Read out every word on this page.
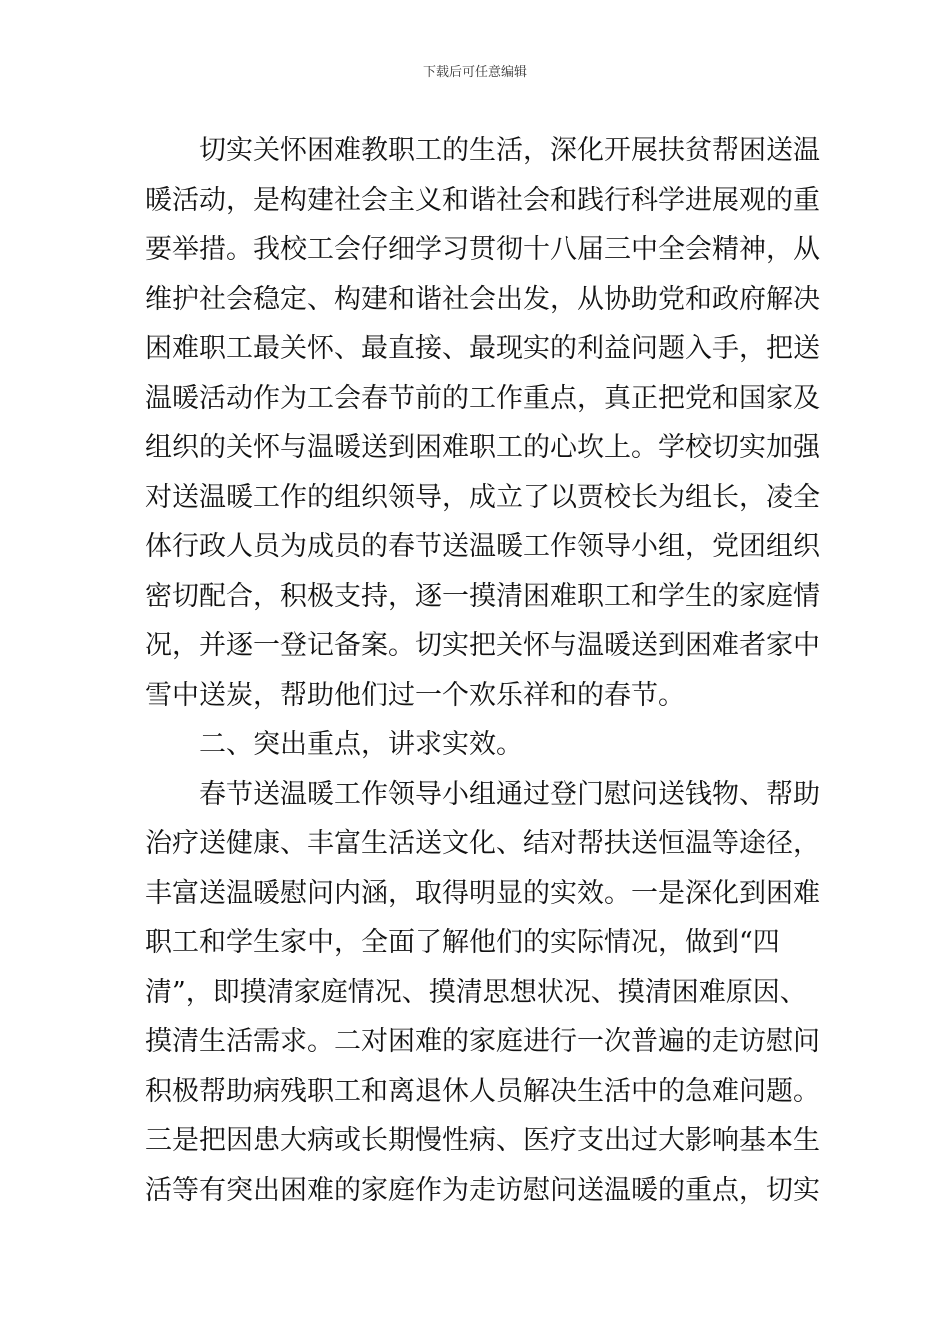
下载后可任意编辑
切实关怀困难教职工的生活，深化开展扶贫帮困送温
暖活动，是构建社会主义和谐社会和践行科学进展观的重
要举措。我校工会仔细学习贯彻十八届三中全会精神，从
维护社会稳定、构建和谐社会出发，从协助党和政府解决
困难职工最关怀、最直接、最现实的利益问题入手，把送
温暖活动作为工会春节前的工作重点，真正把党和国家及
组织的关怀与温暖送到困难职工的心坎上。学校切实加强
对送温暖工作的组织领导，成立了以贾校长为组长，凌全
体行政人员为成员的春节送温暖工作领导小组，党团组织
密切配合，积极支持，逐一摸清困难职工和学生的家庭情
况，并逐一登记备案。切实把关怀与温暖送到困难者家中
雪中送炭，帮助他们过一个欢乐祥和的春节。
二、突出重点，讲求实效。
春节送温暖工作领导小组通过登门慰问送钱物、帮助
治疗送健康、丰富生活送文化、结对帮扶送恒温等途径，
丰富送温暖慰问内涵，取得明显的实效。一是深化到困难
职工和学生家中，全面了解他们的实际情况，做到“四
清”，即摸清家庭情况、摸清思想状况、摸清困难原因、
摸清生活需求。二对困难的家庭进行一次普遍的走访慰问
积极帮助病残职工和离退休人员解决生活中的急难问题。
三是把因患大病或长期慢性病、医疗支出过大影响基本生
活等有突出困难的家庭作为走访慰问送温暖的重点，切实
